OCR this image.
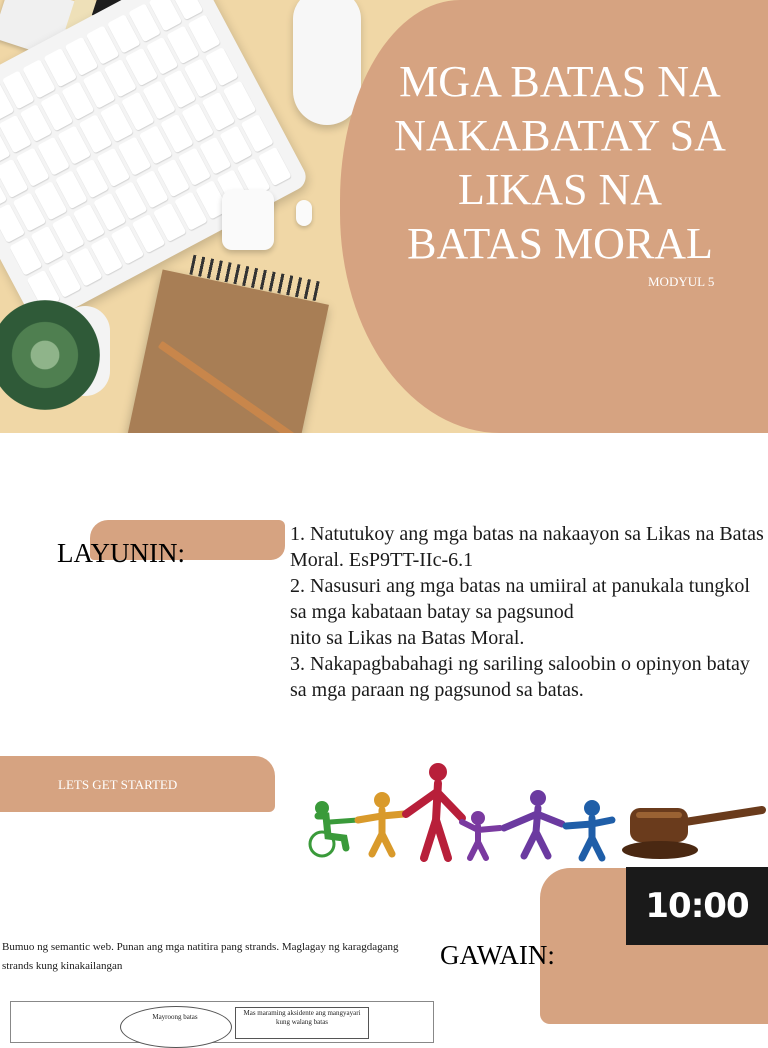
MGA BATAS NA
NAKABATAY SA
LIKAS NA
BATAS MORAL
MODYUL 5
LAYUNIN:
1. Natutukoy ang mga batas na nakaayon sa Likas na Batas Moral. EsP9TT-IIc-6.1
2. Nasusuri ang mga batas na umiiral at panukala tungkol sa mga kabataan batay sa pagsunod
nito sa Likas na Batas Moral.
3. Nakapagbabahagi ng sariling saloobin o opinyon batay sa mga paraan ng pagsunod sa batas.
LETS GET STARTED
10:00
GAWAIN:

Bumuo ng semantic web. Punan ang mga natitira pang strands. Maglagay ng karagdagang strands kung kinakailangan

Mayroong batas	Mas maraming aksidente ang mangyayari kung walang batas
